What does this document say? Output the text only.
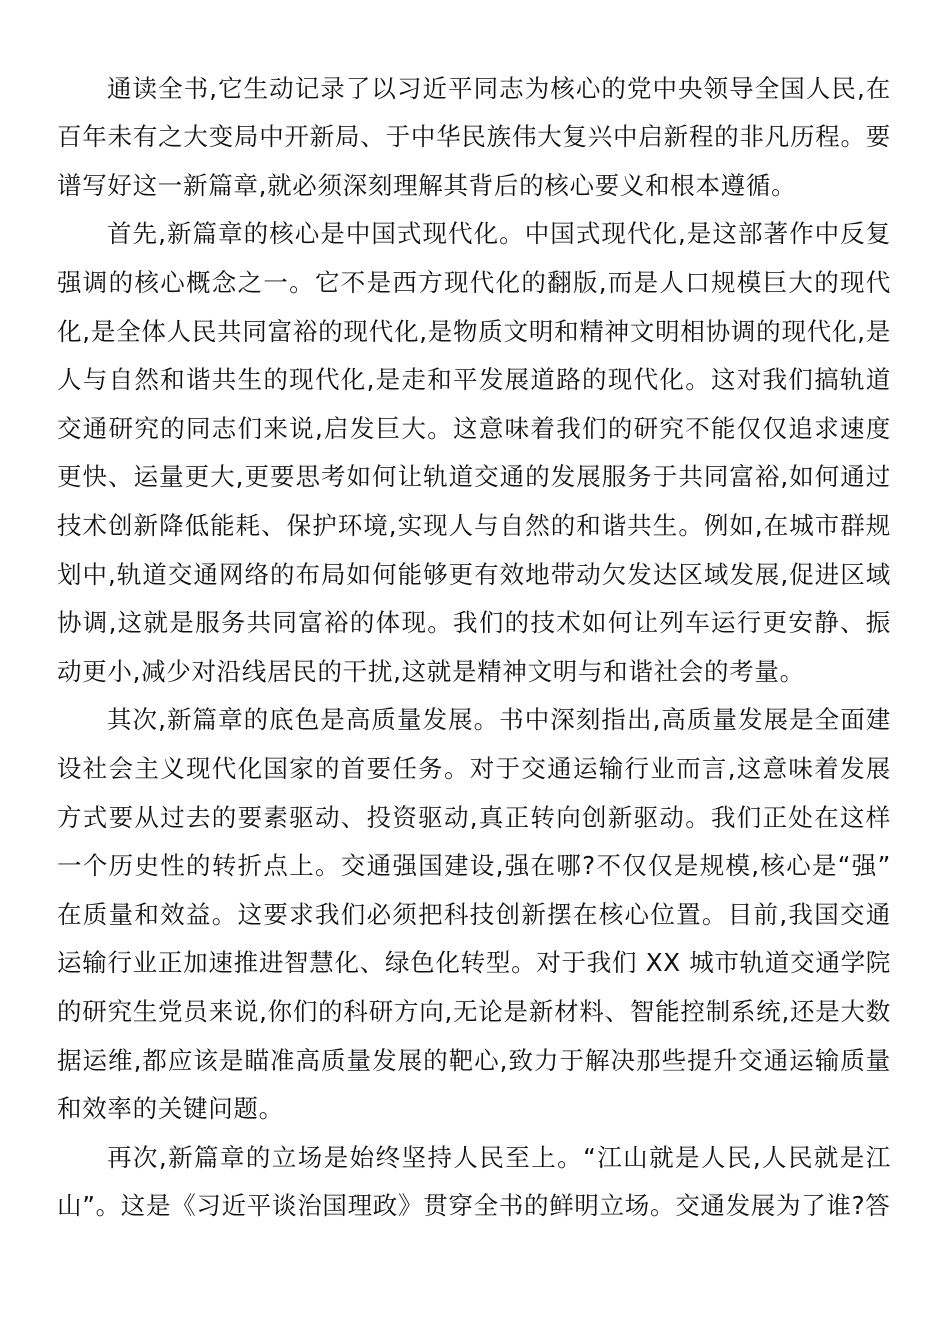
通读全书,它生动记录了以习近平同志为核心的党中央领导全国人民,在百年未有之大变局中开新局、于中华民族伟大复兴中启新程的非凡历程。要谱写好这一新篇章,就必须深刻理解其背后的核心要义和根本遵循。

首先,新篇章的核心是中国式现代化。中国式现代化,是这部著作中反复强调的核心概念之一。它不是西方现代化的翻版,而是人口规模巨大的现代化,是全体人民共同富裕的现代化,是物质文明和精神文明相协调的现代化,是人与自然和谐共生的现代化,是走和平发展道路的现代化。这对我们搞轨道交通研究的同志们来说,启发巨大。这意味着我们的研究不能仅仅追求速度更快、运量更大,更要思考如何让轨道交通的发展服务于共同富裕,如何通过技术创新降低能耗、保护环境,实现人与自然的和谐共生。例如,在城市群规划中,轨道交通网络的布局如何能够更有效地带动欠发达区域发展,促进区域协调,这就是服务共同富裕的体现。我们的技术如何让列车运行更安静、振动更小,减少对沿线居民的干扰,这就是精神文明与和谐社会的考量。

其次,新篇章的底色是高质量发展。书中深刻指出,高质量发展是全面建设社会主义现代化国家的首要任务。对于交通运输行业而言,这意味着发展方式要从过去的要素驱动、投资驱动,真正转向创新驱动。我们正处在这样一个历史性的转折点上。交通强国建设,强在哪?不仅仅是规模,核心是“强”在质量和效益。这要求我们必须把科技创新摆在核心位置。目前,我国交通运输行业正加速推进智慧化、绿色化转型。对于我们 XX 城市轨道交通学院的研究生党员来说,你们的科研方向,无论是新材料、智能控制系统,还是大数据运维,都应该是瞄准高质量发展的靶心,致力于解决那些提升交通运输质量和效率的关键问题。

再次,新篇章的立场是始终坚持人民至上。“江山就是人民,人民就是江山”。这是《习近平谈治国理政》贯穿全书的鲜明立场。交通发展为了谁?答
